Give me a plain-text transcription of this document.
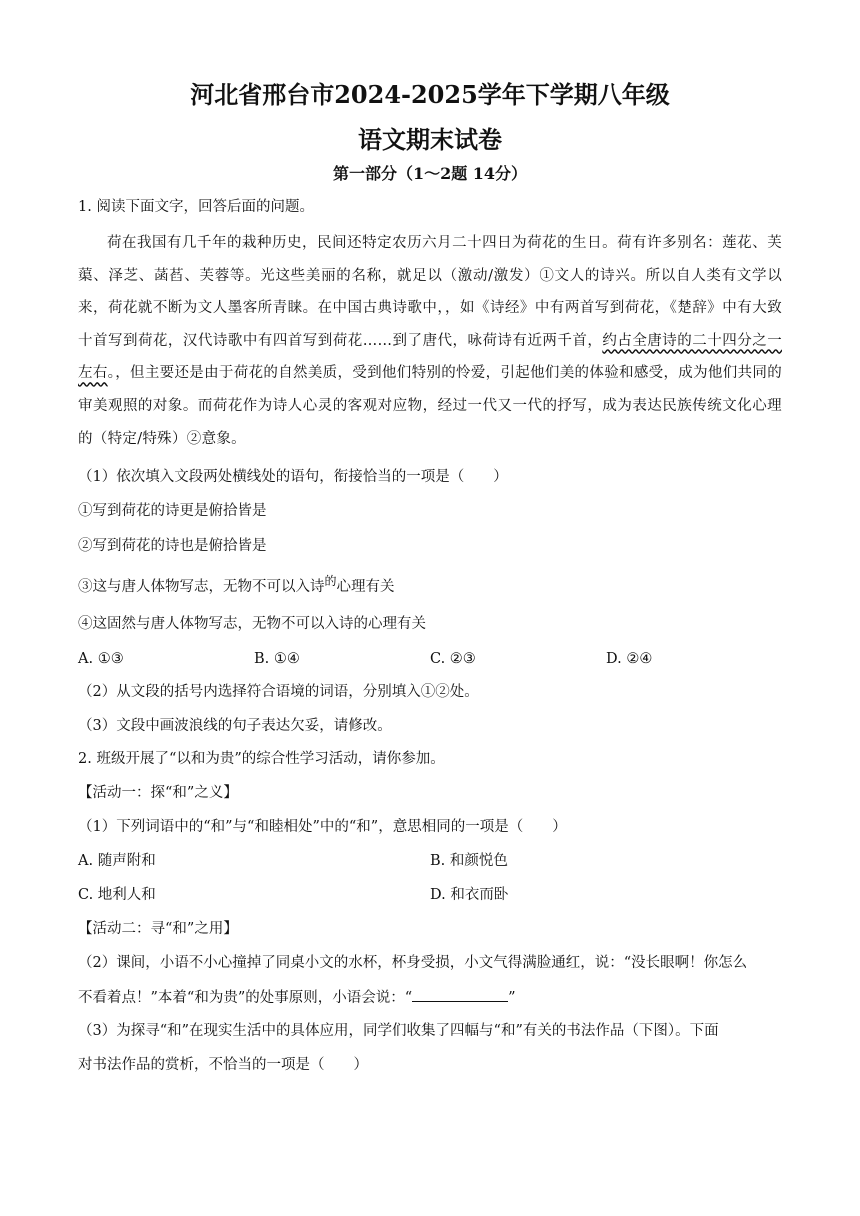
河北省邢台市2024-2025学年下学期八年级
语文期末试卷
第一部分（1～2题 14分）
1. 阅读下面文字，回答后面的问题。
荷在我国有几千年的栽种历史，民间还特定农历六月二十四日为荷花的生日。荷有许多别名：莲花、芙蕖、泽芝、菡萏、芙蓉等。光这些美丽的名称，就足以（激动/激发）①文人的诗兴。所以自人类有文学以来，荷花就不断为文人墨客所青睐。在中国古典诗歌中，，如《诗经》中有两首写到荷花，《楚辞》中有大致十首写到荷花，汉代诗歌中有四首写到荷花……到了唐代，咏荷诗有近两千首，约占全唐诗的二十四分之一左右。，但主要还是由于荷花的自然美质，受到他们特别的怜爱，引起他们美的体验和感受，成为他们共同的审美观照的对象。而荷花作为诗人心灵的客观对应物，经过一代又一代的抒写，成为表达民族传统文化心理的（特定/特殊）②意象。
（1）依次填入文段两处横线处的语句，衔接恰当的一项是（　　）
①写到荷花的诗更是俯拾皆是
②写到荷花的诗也是俯拾皆是
③这与唐人体物写志，无物不可以入诗$^的$心理有关
④这固然与唐人体物写志，无物不可以入诗的心理有关
A. ①③	B. ①④	C. ②③	D. ②④
（2）从文段的括号内选择符合语境的词语，分别填入①②处。
（3）文段中画波浪线的句子表达欠妥，请修改。
2. 班级开展了“以和为贵”的综合性学习活动，请你参加。
【活动一：探“和”之义】
（1）下列词语中的“和”与“和睦相处”中的“和”，意思相同的一项是（　　）
A. 随声附和	B. 和颜悦色
C. 地利人和	D. 和衣而卧
【活动二：寻“和”之用】
（2）课间，小语不小心撞掉了同桌小文的水杯，杯身受损，小文气得满脸通红，说：“没长眼啊！你怎么
不看着点！”本着“和为贵”的处事原则，小语会说：“	”
（3）为探寻“和”在现实生活中的具体应用，同学们收集了四幅与“和”有关的书法作品（下图）。下面
对书法作品的赏析，不恰当的一项是（　　）
